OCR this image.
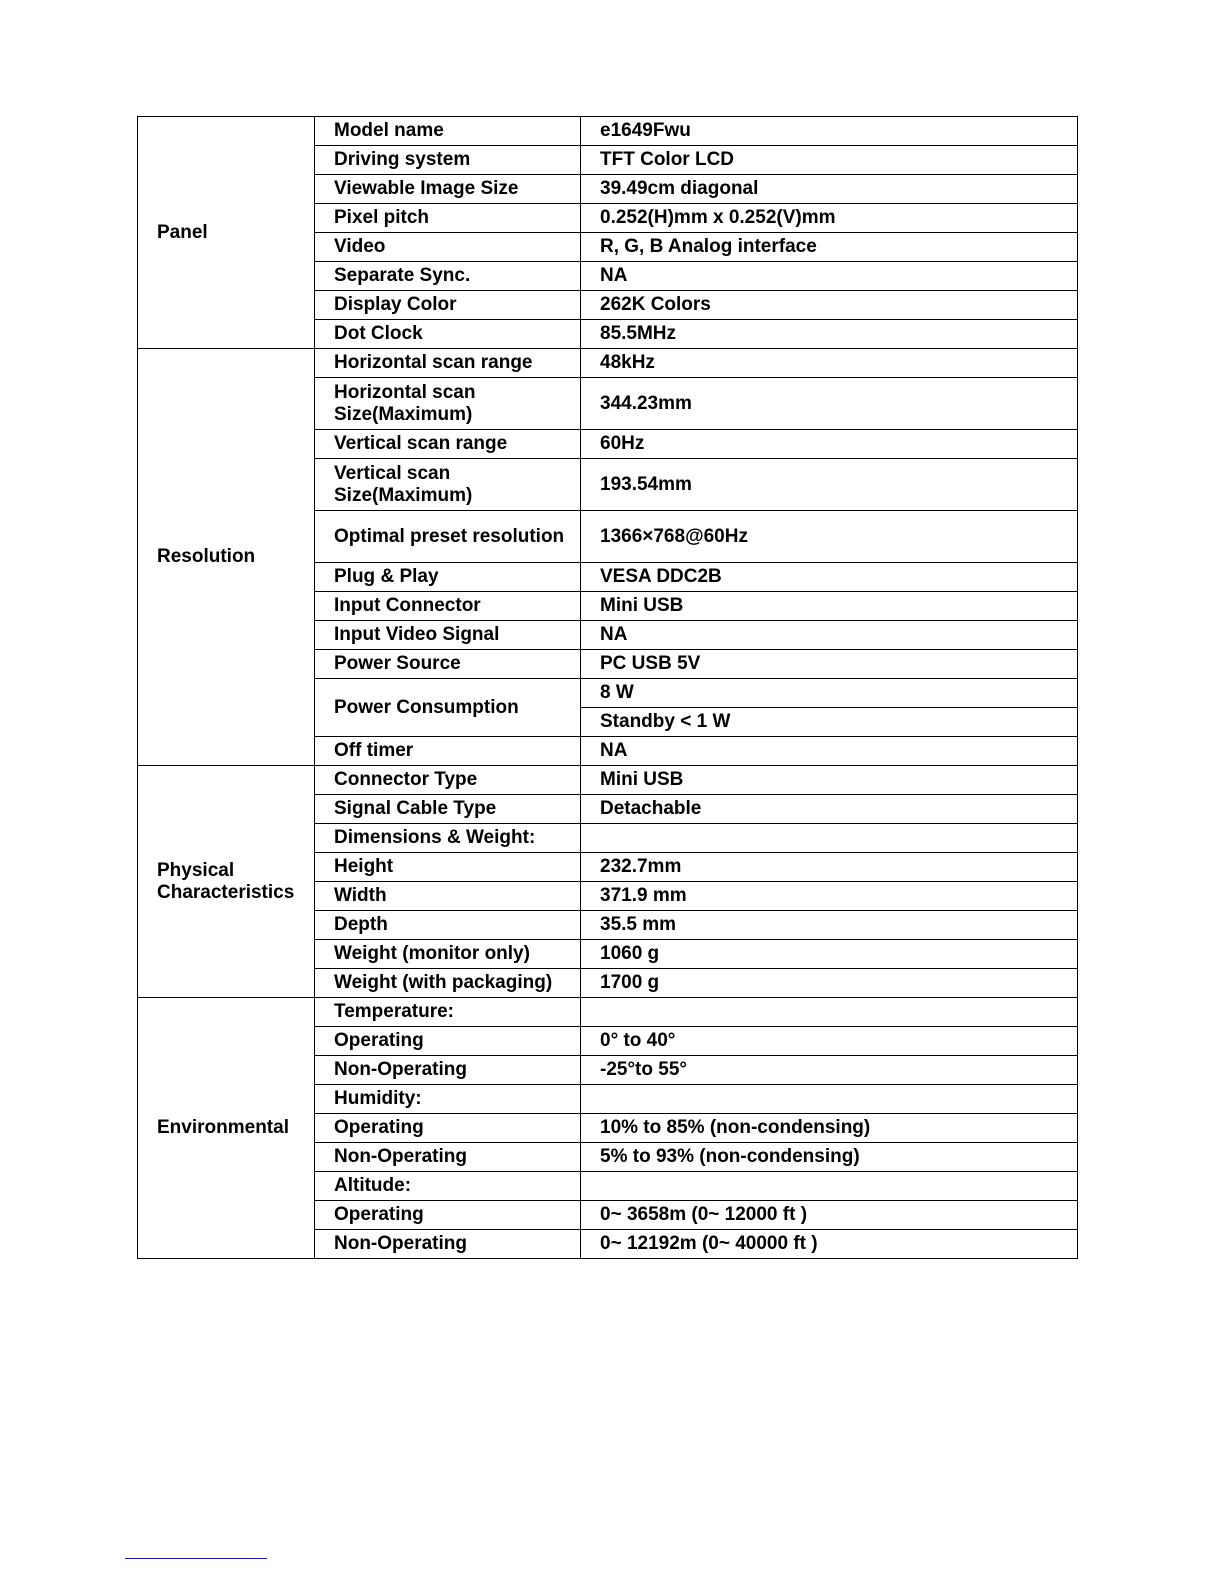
Panel	Model name	e1649Fwu
	Driving system	TFT Color LCD
	Viewable Image Size	39.49cm diagonal
	Pixel pitch	0.252(H)mm x 0.252(V)mm
	Video	R, G, B Analog interface
	Separate Sync.	NA
	Display Color	262K Colors
	Dot Clock	85.5MHz
Resolution	Horizontal scan range	48kHz
	Horizontal scan Size(Maximum)	344.23mm
	Vertical scan range	60Hz
	Vertical scan Size(Maximum)	193.54mm
	Optimal preset resolution	1366×768@60Hz
	Plug & Play	VESA DDC2B
	Input Connector	Mini USB
	Input Video Signal	NA
	Power Source	PC USB 5V
	Power Consumption	8 W
		Standby < 1 W
	Off timer	NA
Physical Characteristics	Connector Type	Mini USB
	Signal Cable Type	Detachable
	Dimensions & Weight:	
	Height	232.7mm
	Width	371.9 mm
	Depth	35.5 mm
	Weight (monitor only)	1060 g
	Weight (with packaging)	1700 g
Environmental	Temperature:	
	Operating	0° to 40°
	Non-Operating	-25°to 55°
	Humidity:	
	Operating	10% to 85% (non-condensing)
	Non-Operating	5% to 93% (non-condensing)
	Altitude:	
	Operating	0~ 3658m (0~ 12000 ft )
	Non-Operating	0~ 12192m (0~ 40000 ft )
